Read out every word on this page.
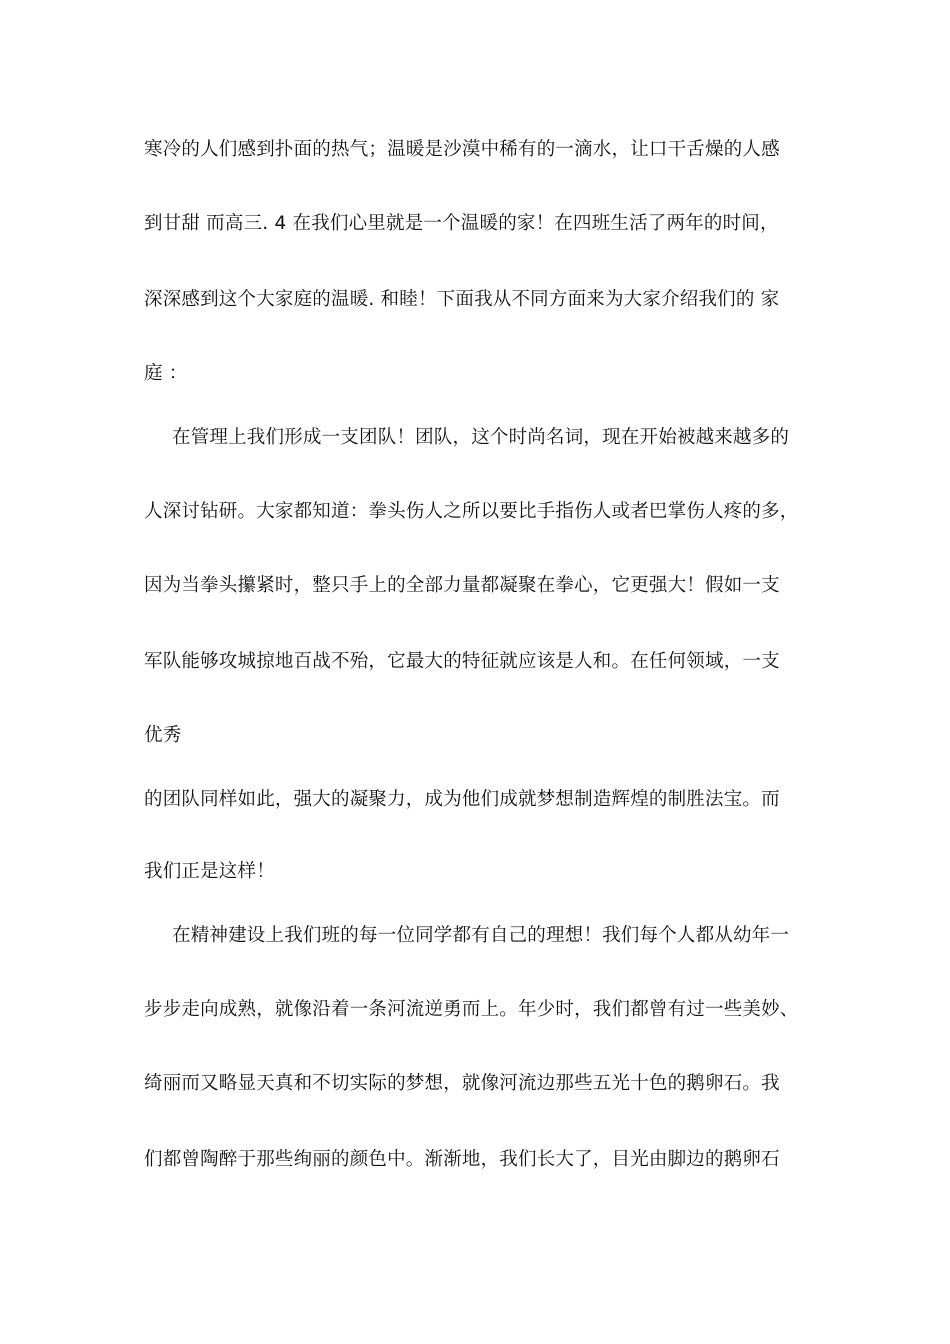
寒冷的人们感到扑面的热气；温暖是沙漠中稀有的一滴水，让口干舌燥的人感

到甘甜 而高三. 4 在我们心里就是一个温暖的家！在四班生活了两年的时间，

深深感到这个大家庭的温暖. 和睦！下面我从不同方面来为大家介绍我们的 家

庭 ：

在管理上我们形成一支团队！团队，这个时尚名词，现在开始被越来越多的

人深讨钻研。大家都知道：拳头伤人之所以要比手指伤人或者巴掌伤人疼的多，

因为当拳头攥紧时，整只手上的全部力量都凝聚在拳心，它更强大！假如一支

军队能够攻城掠地百战不殆，它最大的特征就应该是人和。在任何领域，一支

优秀

的团队同样如此，强大的凝聚力，成为他们成就梦想制造辉煌的制胜法宝。而

我们正是这样！

在精神建设上我们班的每一位同学都有自己的理想！我们每个人都从幼年一

步步走向成熟，就像沿着一条河流逆勇而上。年少时，我们都曾有过一些美妙、

绮丽而又略显天真和不切实际的梦想，就像河流边那些五光十色的鹅卵石。我

们都曾陶醉于那些绚丽的颜色中。渐渐地，我们长大了，目光由脚边的鹅卵石
